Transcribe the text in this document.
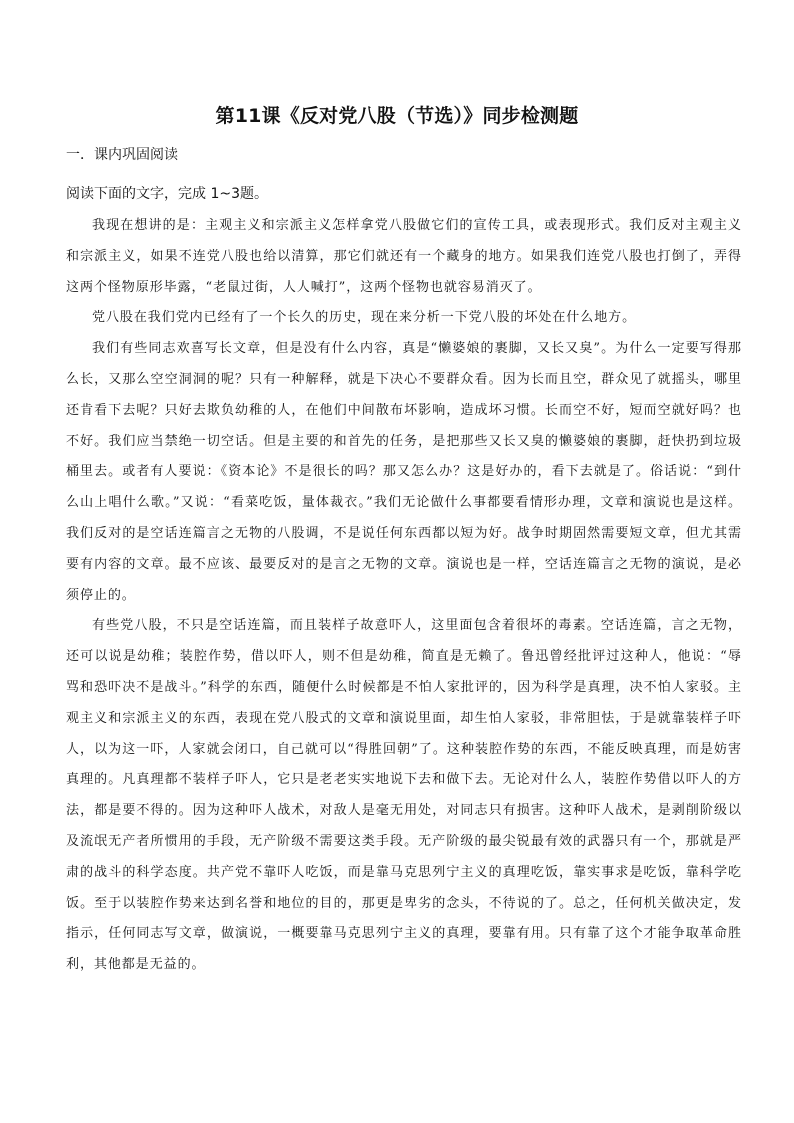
第11课《反对党八股（节选）》同步检测题

一．课内巩固阅读

阅读下面的文字，完成 1~3题。

我现在想讲的是：主观主义和宗派主义怎样拿党八股做它们的宣传工具，或表现形式。我们反对主观主义和宗派主义，如果不连党八股也给以清算，那它们就还有一个藏身的地方。如果我们连党八股也打倒了，弄得这两个怪物原形毕露，“老鼠过街，人人喊打”，这两个怪物也就容易消灭了。

党八股在我们党内已经有了一个长久的历史，现在来分析一下党八股的坏处在什么地方。

我们有些同志欢喜写长文章，但是没有什么内容，真是“懒婆娘的裹脚，又长又臭”。为什么一定要写得那么长，又那么空空洞洞的呢？只有一种解释，就是下决心不要群众看。因为长而且空，群众见了就摇头，哪里还肯看下去呢？只好去欺负幼稚的人，在他们中间散布坏影响，造成坏习惯。长而空不好，短而空就好吗？也不好。我们应当禁绝一切空话。但是主要的和首先的任务，是把那些又长又臭的懒婆娘的裹脚，赶快扔到垃圾桶里去。或者有人要说：《资本论》不是很长的吗？那又怎么办？这是好办的，看下去就是了。俗话说：“到什么山上唱什么歌。”又说：“看菜吃饭，量体裁衣。”我们无论做什么事都要看情形办理，文章和演说也是这样。我们反对的是空话连篇言之无物的八股调，不是说任何东西都以短为好。战争时期固然需要短文章，但尤其需要有内容的文章。最不应该、最要反对的是言之无物的文章。演说也是一样，空话连篇言之无物的演说，是必须停止的。

有些党八股，不只是空话连篇，而且装样子故意吓人，这里面包含着很坏的毒素。空话连篇，言之无物，还可以说是幼稚；装腔作势，借以吓人，则不但是幼稚，简直是无赖了。鲁迅曾经批评过这种人，他说：“辱骂和恐吓决不是战斗。”科学的东西，随便什么时候都是不怕人家批评的，因为科学是真理，决不怕人家驳。主观主义和宗派主义的东西，表现在党八股式的文章和演说里面，却生怕人家驳，非常胆怯，于是就靠装样子吓人，以为这一吓，人家就会闭口，自己就可以“得胜回朝”了。这种装腔作势的东西，不能反映真理，而是妨害真理的。凡真理都不装样子吓人，它只是老老实实地说下去和做下去。无论对什么人，装腔作势借以吓人的方法，都是要不得的。因为这种吓人战术，对敌人是毫无用处，对同志只有损害。这种吓人战术，是剥削阶级以及流氓无产者所惯用的手段，无产阶级不需要这类手段。无产阶级的最尖锐最有效的武器只有一个，那就是严肃的战斗的科学态度。共产党不靠吓人吃饭，而是靠马克思列宁主义的真理吃饭，靠实事求是吃饭，靠科学吃饭。至于以装腔作势来达到名誉和地位的目的，那更是卑劣的念头，不待说的了。总之，任何机关做决定，发指示，任何同志写文章，做演说，一概要靠马克思列宁主义的真理，要靠有用。只有靠了这个才能争取革命胜利，其他都是无益的。
